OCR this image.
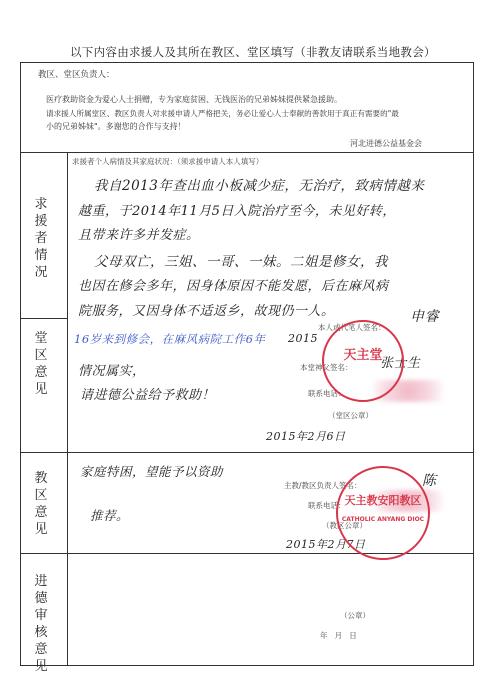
以下内容由求援人及其所在教区、堂区填写（非教友请联系当地教会）
教区、堂区负责人：
医疗救助资金为爱心人士捐赠，专为家庭贫困、无钱医治的兄弟姊妹提供紧急援助。
请求援人所属堂区、教区负责人对求援申请人严格把关，务必让爱心人士奉献的善款用于真正有需要的"最
小的兄弟姊妹"。多谢您的合作与支持！
河北进德公益基金会
求援者情况
堂区意见
教区意见
进德审核意见
求援者个人病情及其家庭状况：（须求援申请人本人填写）
我自2013年查出血小板减少症，无治疗，致病情越来
越重，于2014年11月5日入院治疗至今，未见好转，
且带来许多并发症。
父母双亡，三姐、一哥、一妹。二姐是修女，我
也因在修会多年，因身体原因不能发愿，后在麻风病
院服务，又因身体不适返乡，故现仍一人。
本人或代笔人签名：
申睿
2015
16岁来到修会，在麻风病院工作6年
情况属实，
请进德公益给予救助！
本堂神父签名： 张士生
联系电话：
（堂区公章）
2015年2月6日
天主堂
家庭特困，望能予以资助
推荐。
主教/教区负责人签名：	陈
联系电话：
（教区公章）
2015年2月7日
天主教安阳教区
CATHOLIC ANYANG DIOC
（公章）
年   月   日
